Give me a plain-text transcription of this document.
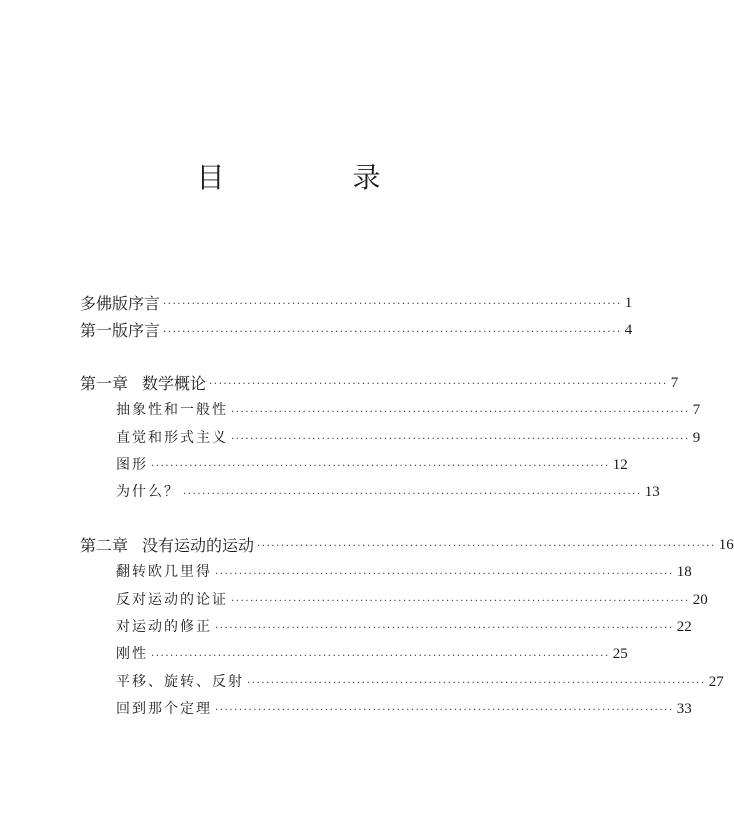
目　录
多佛版序言 ································································································ 1
第一版序言 ································································································ 4
第一章 数学概论 ································································································ 7
抽象性和一般性 ································································································ 7
直觉和形式主义 ································································································ 9
图形 ································································································ 12
为什么？ ································································································ 13
第二章 没有运动的运动 ································································································ 16
翻转欧几里得 ································································································ 18
反对运动的论证 ································································································ 20
对运动的修正 ································································································ 22
刚性 ································································································ 25
平移、旋转、反射 ································································································ 27
回到那个定理 ································································································ 33
